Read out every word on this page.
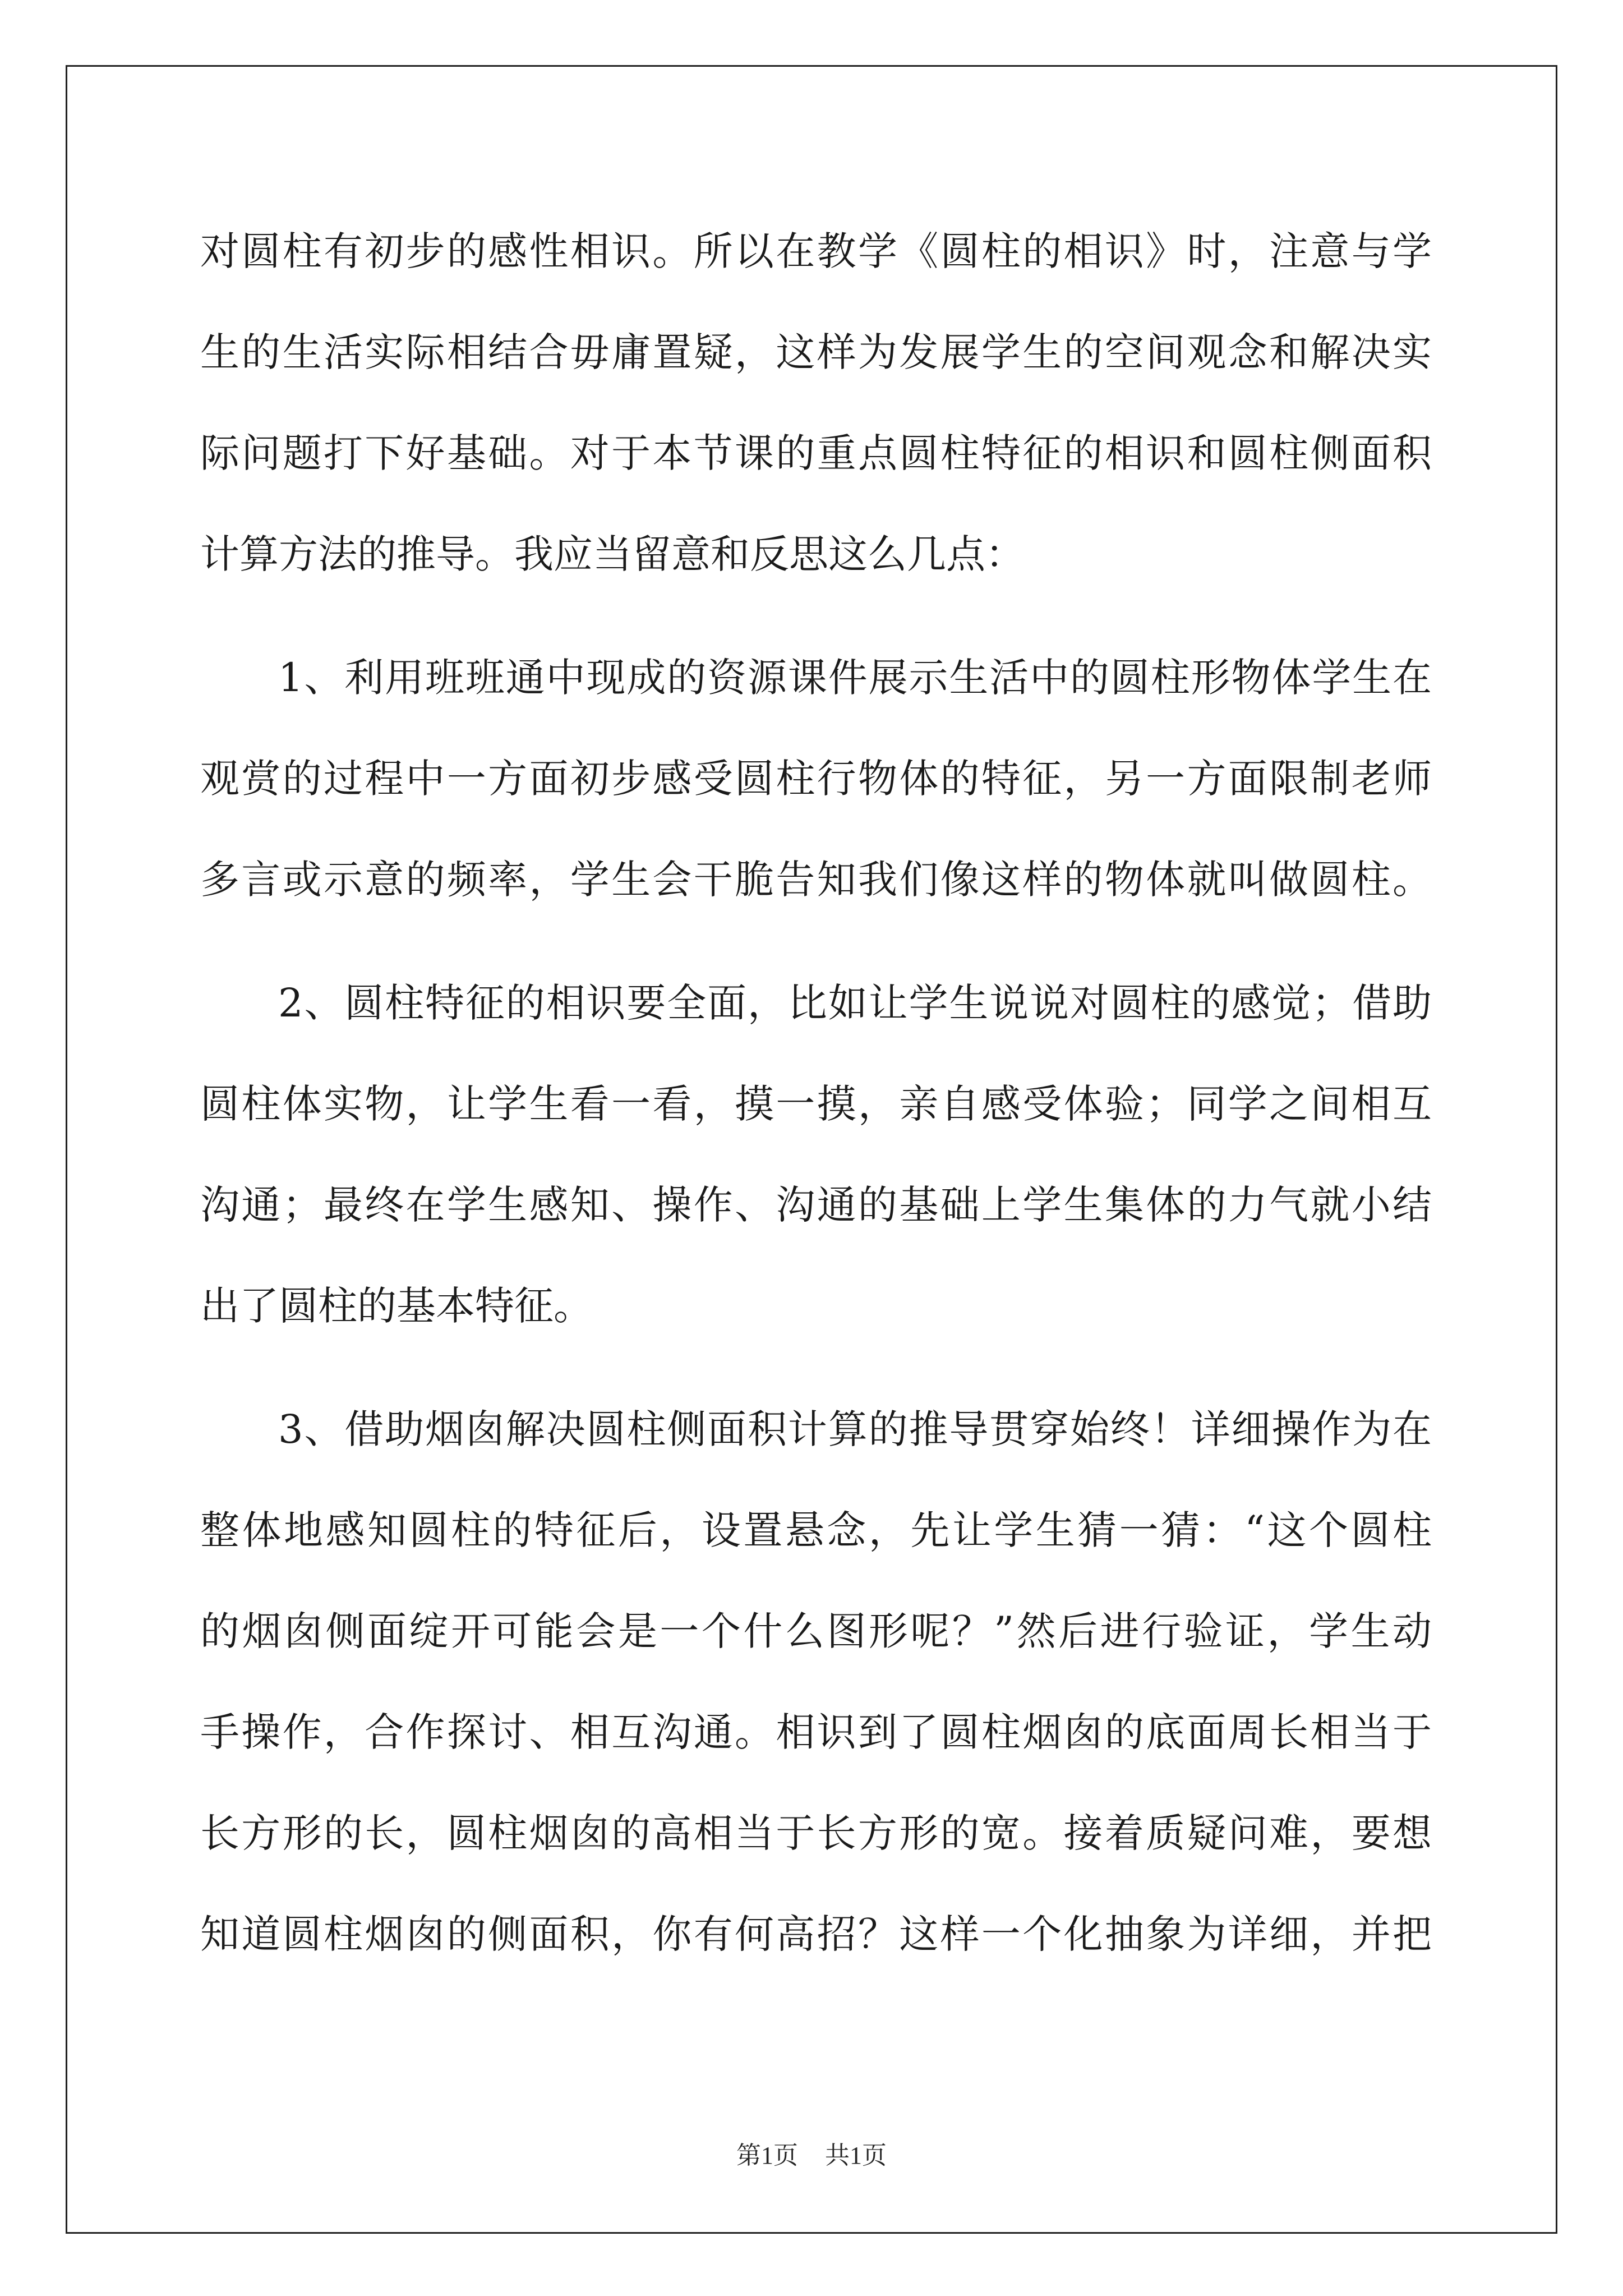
对圆柱有初步的感性相识。所以在教学《圆柱的相识》时，注意与学
生的生活实际相结合毋庸置疑，这样为发展学生的空间观念和解决实
际问题打下好基础。对于本节课的重点圆柱特征的相识和圆柱侧面积
计算方法的推导。我应当留意和反思这么几点：
1、利用班班通中现成的资源课件展示生活中的圆柱形物体学生在
观赏的过程中一方面初步感受圆柱行物体的特征，另一方面限制老师
多言或示意的频率，学生会干脆告知我们像这样的物体就叫做圆柱。
2、圆柱特征的相识要全面，比如让学生说说对圆柱的感觉；借助
圆柱体实物，让学生看一看，摸一摸，亲自感受体验；同学之间相互
沟通；最终在学生感知、操作、沟通的基础上学生集体的力气就小结
出了圆柱的基本特征。
3、借助烟囱解决圆柱侧面积计算的推导贯穿始终！详细操作为在
整体地感知圆柱的特征后，设置悬念，先让学生猜一猜：“这个圆柱
的烟囱侧面绽开可能会是一个什么图形呢？”然后进行验证，学生动
手操作，合作探讨、相互沟通。相识到了圆柱烟囱的底面周长相当于
长方形的长，圆柱烟囱的高相当于长方形的宽。接着质疑问难，要想
知道圆柱烟囱的侧面积，你有何高招？这样一个化抽象为详细，并把
第1页 共1页
